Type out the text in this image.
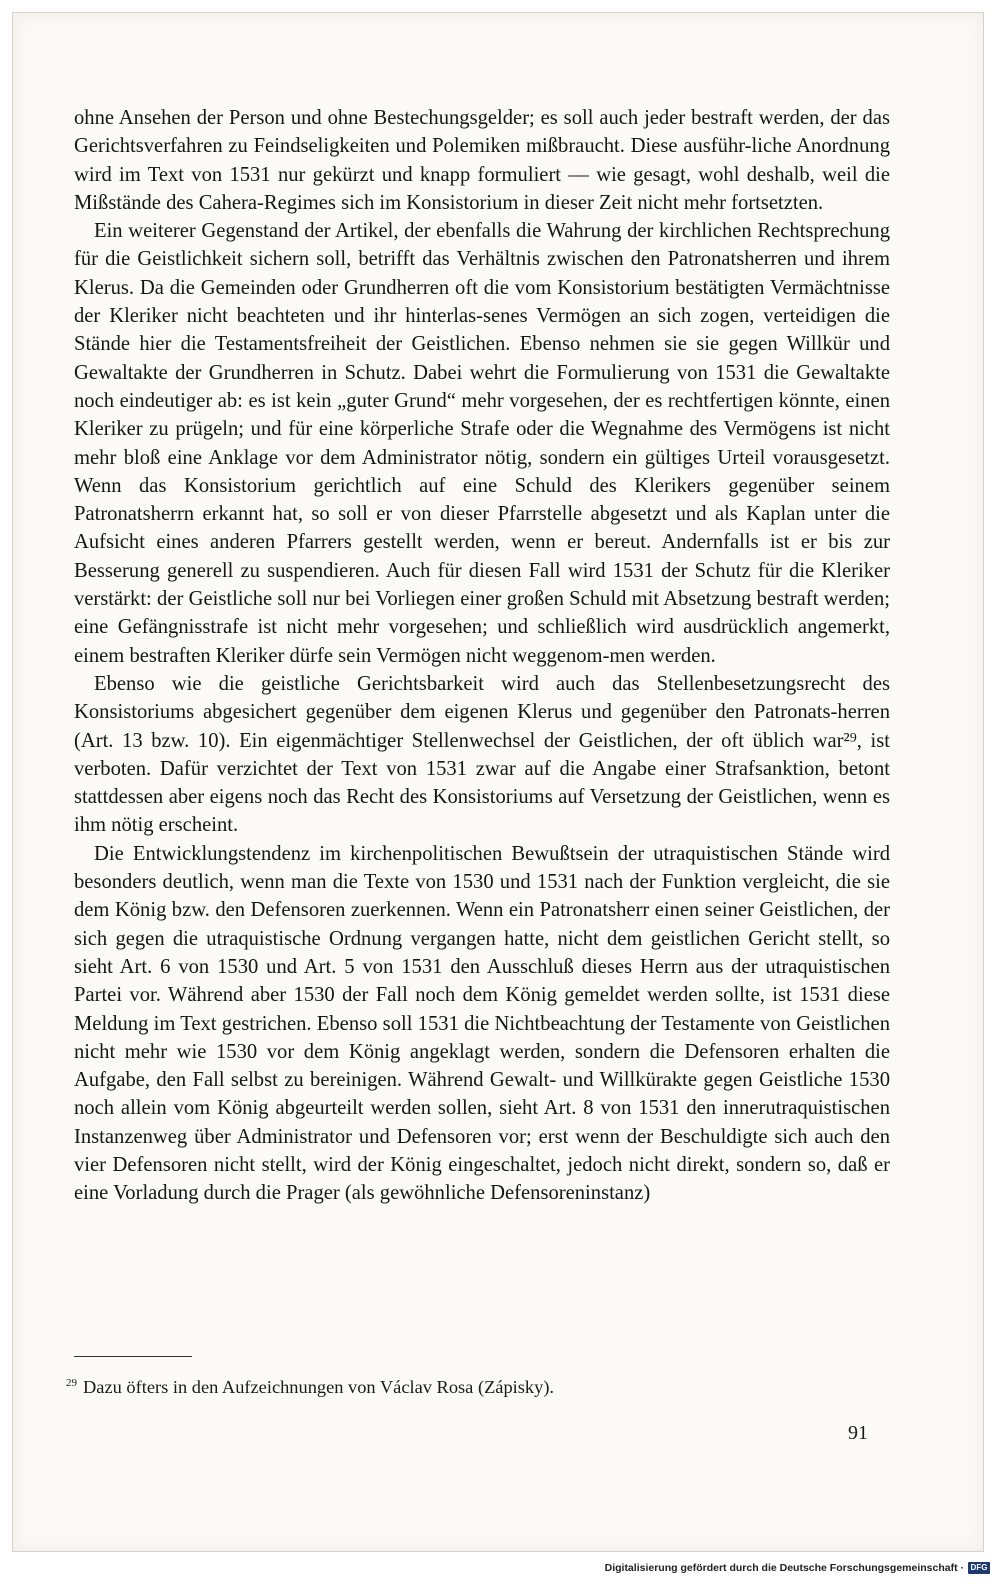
ohne Ansehen der Person und ohne Bestechungsgelder; es soll auch jeder bestraft werden, der das Gerichtsverfahren zu Feindseligkeiten und Polemiken mißbraucht. Diese ausführ-liche Anordnung wird im Text von 1531 nur gekürzt und knapp formuliert — wie gesagt, wohl deshalb, weil die Mißstände des Cahera-Regimes sich im Konsistorium in dieser Zeit nicht mehr fortsetzten.

Ein weiterer Gegenstand der Artikel, der ebenfalls die Wahrung der kirchlichen Rechtsprechung für die Geistlichkeit sichern soll, betrifft das Verhältnis zwischen den Patronatsherren und ihrem Klerus. Da die Gemeinden oder Grundherren oft die vom Konsistorium bestätigten Vermächtnisse der Kleriker nicht beachteten und ihr hinterlas-senes Vermögen an sich zogen, verteidigen die Stände hier die Testamentsfreiheit der Geistlichen. Ebenso nehmen sie sie gegen Willkür und Gewaltakte der Grundherren in Schutz. Dabei wehrt die Formulierung von 1531 die Gewaltakte noch eindeutiger ab: es ist kein „guter Grund“ mehr vorgesehen, der es rechtfertigen könnte, einen Kleriker zu prügeln; und für eine körperliche Strafe oder die Wegnahme des Vermögens ist nicht mehr bloß eine Anklage vor dem Administrator nötig, sondern ein gültiges Urteil vorausgesetzt. Wenn das Konsistorium gerichtlich auf eine Schuld des Klerikers gegenüber seinem Patronatsherrn erkannt hat, so soll er von dieser Pfarrstelle abgesetzt und als Kaplan unter die Aufsicht eines anderen Pfarrers gestellt werden, wenn er bereut. Andernfalls ist er bis zur Besserung generell zu suspendieren. Auch für diesen Fall wird 1531 der Schutz für die Kleriker verstärkt: der Geistliche soll nur bei Vorliegen einer großen Schuld mit Absetzung bestraft werden; eine Gefängnisstrafe ist nicht mehr vorgesehen; und schließlich wird ausdrücklich angemerkt, einem bestraften Kleriker dürfe sein Vermögen nicht weggenom-men werden.

Ebenso wie die geistliche Gerichtsbarkeit wird auch das Stellenbesetzungsrecht des Konsistoriums abgesichert gegenüber dem eigenen Klerus und gegenüber den Patronats-herren (Art. 13 bzw. 10). Ein eigenmächtiger Stellenwechsel der Geistlichen, der oft üblich war²⁹, ist verboten. Dafür verzichtet der Text von 1531 zwar auf die Angabe einer Strafsanktion, betont stattdessen aber eigens noch das Recht des Konsistoriums auf Versetzung der Geistlichen, wenn es ihm nötig erscheint.

Die Entwicklungstendenz im kirchenpolitischen Bewußtsein der utraquistischen Stände wird besonders deutlich, wenn man die Texte von 1530 und 1531 nach der Funktion vergleicht, die sie dem König bzw. den Defensoren zuerkennen. Wenn ein Patronatsherr einen seiner Geistlichen, der sich gegen die utraquistische Ordnung vergangen hatte, nicht dem geistlichen Gericht stellt, so sieht Art. 6 von 1530 und Art. 5 von 1531 den Ausschluß dieses Herrn aus der utraquistischen Partei vor. Während aber 1530 der Fall noch dem König gemeldet werden sollte, ist 1531 diese Meldung im Text gestrichen. Ebenso soll 1531 die Nichtbeachtung der Testamente von Geistlichen nicht mehr wie 1530 vor dem König angeklagt werden, sondern die Defensoren erhalten die Aufgabe, den Fall selbst zu bereinigen. Während Gewalt- und Willkürakte gegen Geistliche 1530 noch allein vom König abgeurteilt werden sollen, sieht Art. 8 von 1531 den innerutraquistischen Instanzenweg über Administrator und Defensoren vor; erst wenn der Beschuldigte sich auch den vier Defensoren nicht stellt, wird der König eingeschaltet, jedoch nicht direkt, sondern so, daß er eine Vorladung durch die Prager (als gewöhnliche Defensoreninstanz)

$^{29}$ Dazu öfters in den Aufzeichnungen von Václav Rosa (Zápisky).
91
Digitalisierung gefördert durch die Deutsche Forschungsgemeinschaft · DFG
